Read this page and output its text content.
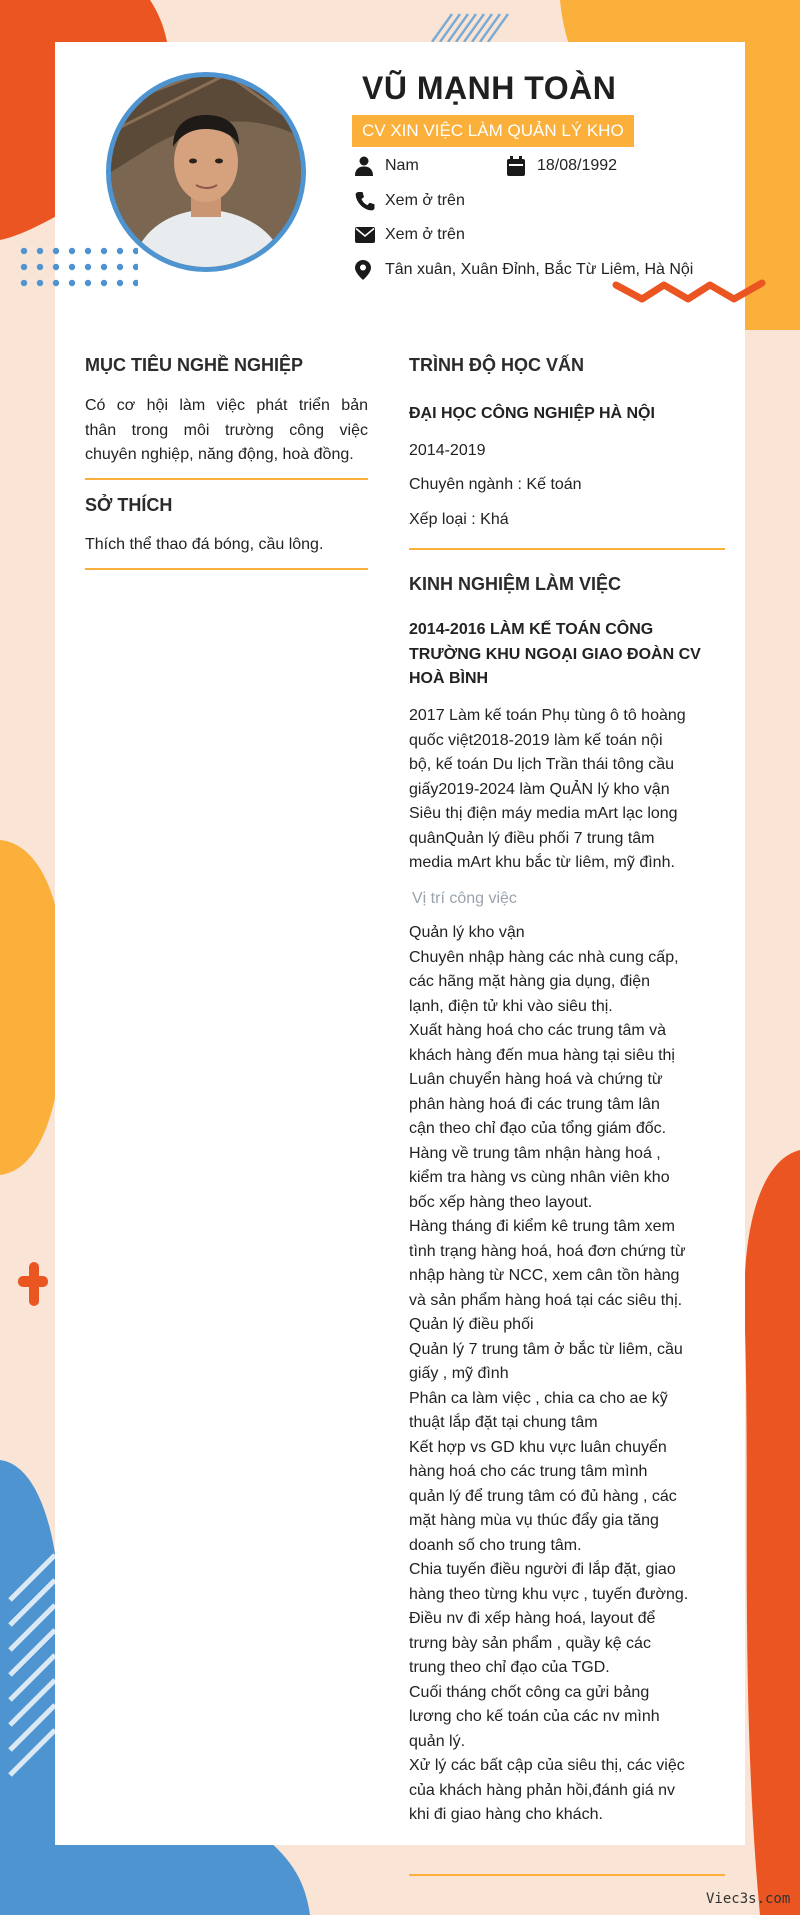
VŨ MẠNH TOÀN
CV XIN VIỆC LÀM QUẢN LÝ KHO
Nam	18/08/1992
Xem ở trên
Xem ở trên
Tân xuân, Xuân Đỉnh, Bắc Từ Liêm, Hà Nội
MỤC TIÊU NGHỀ NGHIỆP
Có cơ hội làm việc phát triển bản
thân trong môi trường công việc
chuyên nghiệp, năng động, hoà đồng.
SỞ THÍCH
Thích thể thao đá bóng, cầu lông.
TRÌNH ĐỘ HỌC VẤN
ĐẠI HỌC CÔNG NGHIỆP HÀ NỘI
2014-2019
Chuyên ngành : Kế toán
Xếp loại : Khá
KINH NGHIỆM LÀM VIỆC
2014-2016 LÀM KẾ TOÁN CÔNG
TRƯỜNG KHU NGOẠI GIAO ĐOÀN CV
HOÀ BÌNH
2017 Làm kế toán Phụ tùng ô tô hoàng
quốc việt2018-2019 làm kế toán nội
bộ, kế toán Du lịch Trần thái tông cầu
giấy2019-2024 làm QuẢN lý kho vận
Siêu thị điện máy media mArt lạc long
quânQuản lý điều phối 7 trung tâm
media mArt khu bắc từ liêm, mỹ đình.
Vị trí công việc
Quản lý kho vận
Chuyên nhập hàng các nhà cung cấp,
các hãng mặt hàng gia dụng, điện
lạnh, điện tử khi vào siêu thị.
Xuất hàng hoá cho các trung tâm và
khách hàng đến mua hàng tại siêu thị
Luân chuyển hàng hoá và chứng từ
phân hàng hoá đi các trung tâm lân
cận theo chỉ đạo của tổng giám đốc.
Hàng về trung tâm nhận hàng hoá ,
kiểm tra hàng vs cùng nhân viên kho
bốc xếp hàng theo layout.
Hàng tháng đi kiểm kê trung tâm xem
tình trạng hàng hoá, hoá đơn chứng từ
nhập hàng từ NCC, xem cân tồn hàng
và sản phẩm hàng hoá tại các siêu thị.
Quản lý điều phối
Quản lý 7 trung tâm ở bắc từ liêm, cầu
giấy , mỹ đình
Phân ca làm việc , chia ca cho ae kỹ
thuật lắp đặt tại chung tâm
Kết hợp vs GD khu vực luân chuyển
hàng hoá cho các trung tâm mình
quản lý để trung tâm có đủ hàng , các
mặt hàng mùa vụ thúc đẩy gia tăng
doanh số cho trung tâm.
Chia tuyến điều người đi lắp đặt, giao
hàng theo từng khu vực , tuyến đường.
Điều nv đi xếp hàng hoá, layout để
trưng bày sản phẩm , quầy kệ các
trung theo chỉ đạo của TGD.
Cuối tháng chốt công ca gửi bảng
lương cho kế toán của các nv mình
quản lý.
Xử lý các bất cập của siêu thị, các việc
của khách hàng phản hồi,đánh giá nv
khi đi giao hàng cho khách.
Viec3s.com
